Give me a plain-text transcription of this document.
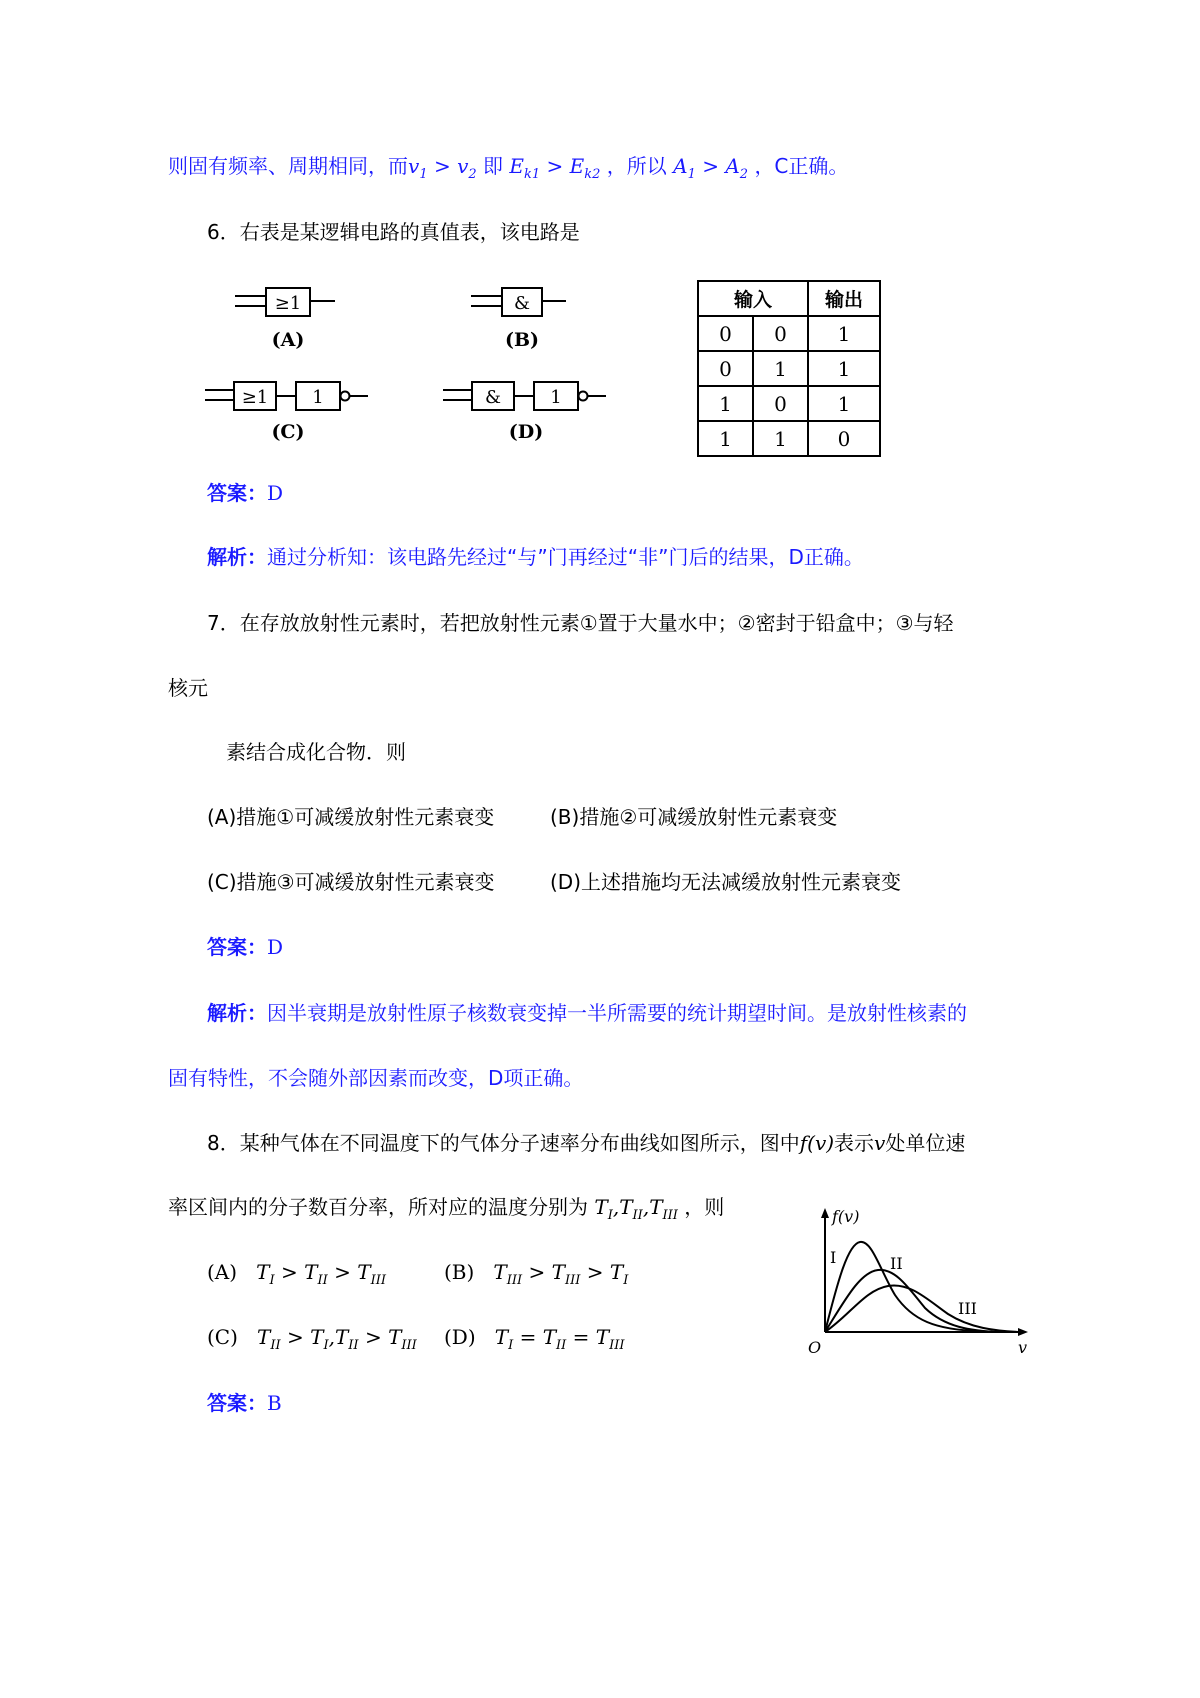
则固有频率、周期相同，而$v_1 > v_2$ 即 $E_{k1} > E_{k2}$ ，所以 $A_1 > A_2$ ，C正确。
6．右表是某逻辑电路的真值表，该电路是
≥1
(A)
&
(B)
≥1 1
(C)
&	1
(D)
输入		输出
0	0	1
0	1	1
1	0	1
1	1	0
答案：D
解析：通过分析知：该电路先经过“与”门再经过“非”门后的结果，D正确。
7．在存放放射性元素时，若把放射性元素①置于大量水中；②密封于铅盒中；③与轻
核元
素结合成化合物．则
(A)措施①可减缓放射性元素衰变	(B)措施②可减缓放射性元素衰变
(C)措施③可减缓放射性元素衰变	(D)上述措施均无法减缓放射性元素衰变
答案：D
解析：因半衰期是放射性原子核数衰变掉一半所需要的统计期望时间。是放射性核素的
固有特性，不会随外部因素而改变，D项正确。
8．某种气体在不同温度下的气体分子速率分布曲线如图所示，图中f(v)表示v处单位速
率区间内的分子数百分率，所对应的温度分别为 $T_I,T_{II},T_{III}$ ，则
(A) $T_I > T_{II} > T_{III}$	(B) $T_{III} > T_{III} > T_I$
(C) $T_{II} > T_I,T_{II} > T_{III}$ (D) $T_I = T_{II} = T_{III}$
f(v)
v
O
I	II
III
答案：B
